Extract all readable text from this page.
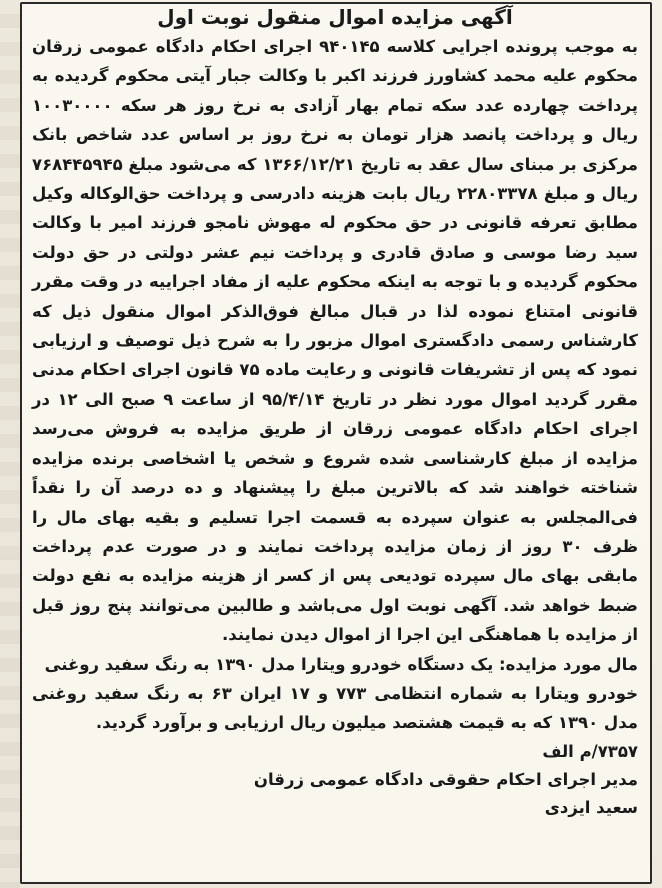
آگهی مزایده اموال منقول نوبت اول

به موجب پرونده اجرایی کلاسه ۹۴۰۱۴۵ اجرای احکام دادگاه عمومی زرقان محکوم علیه محمد کشاورز فرزند اکبر با وکالت جبار آیتی محکوم گردیده به پرداخت چهارده عدد سکه تمام بهار آزادی به نرخ روز هر سکه ۱۰۰۳۰۰۰۰ ریال و پرداخت پانصد هزار تومان به نرخ روز بر اساس عدد شاخص بانک مرکزی بر مبنای سال عقد به تاریخ ۱۳۶۶/۱۲/۲۱ که می‌شود مبلغ ۷۶۸۴۴۵۹۴۵ ریال و مبلغ ۲۲۸۰۳۳۷۸ ریال بابت هزینه دادرسی و پرداخت حق‌الوکاله وکیل مطابق تعرفه قانونی در حق محکوم له مهوش نامجو فرزند امیر با وکالت سید رضا موسی و صادق قادری و پرداخت نیم عشر دولتی در حق دولت محکوم گردیده و با توجه به اینکه محکوم علیه از مفاد اجراییه در وقت مقرر قانونی امتناع نموده لذا در قبال مبالغ فوق‌الذکر اموال منقول ذیل که کارشناس رسمی دادگستری اموال مزبور را به شرح ذیل توصیف و ارزیابی نمود که پس از تشریفات قانونی و رعایت ماده ۷۵ قانون اجرای احکام مدنی مقرر گردید اموال مورد نظر در تاریخ ۹۵/۴/۱۴ از ساعت ۹ صبح الی ۱۲ در اجرای احکام دادگاه عمومی زرقان از طریق مزایده به فروش می‌رسد مزایده از مبلغ کارشناسی شده شروع و شخص یا اشخاصی برنده مزایده شناخته خواهند شد که بالاترین مبلغ را پیشنهاد و ده درصد آن را نقداً فی‌المجلس به عنوان سپرده به قسمت اجرا تسلیم و بقیه بهای مال را ظرف ۳۰ روز از زمان مزایده پرداخت نمایند و در صورت عدم پرداخت مابقی بهای مال سپرده تودیعی پس از کسر از هزینه مزایده به نفع دولت ضبط خواهد شد. آگهی نوبت اول می‌باشد و طالبین می‌توانند پنج روز قبل از مزایده با هماهنگی این اجرا از اموال دیدن نمایند.

مال مورد مزایده: یک دستگاه خودرو ویتارا مدل ۱۳۹۰ به رنگ سفید روغنی

خودرو ویتارا به شماره انتظامی ۷۷۳ و ۱۷ ایران ۶۳ به رنگ سفید روغنی مدل ۱۳۹۰ که به قیمت هشتصد میلیون ریال ارزیابی و برآورد گردید.

۷۳۵۷/م الف

مدیر اجرای احکام حقوقی دادگاه عمومی زرقان

سعید ایزدی
